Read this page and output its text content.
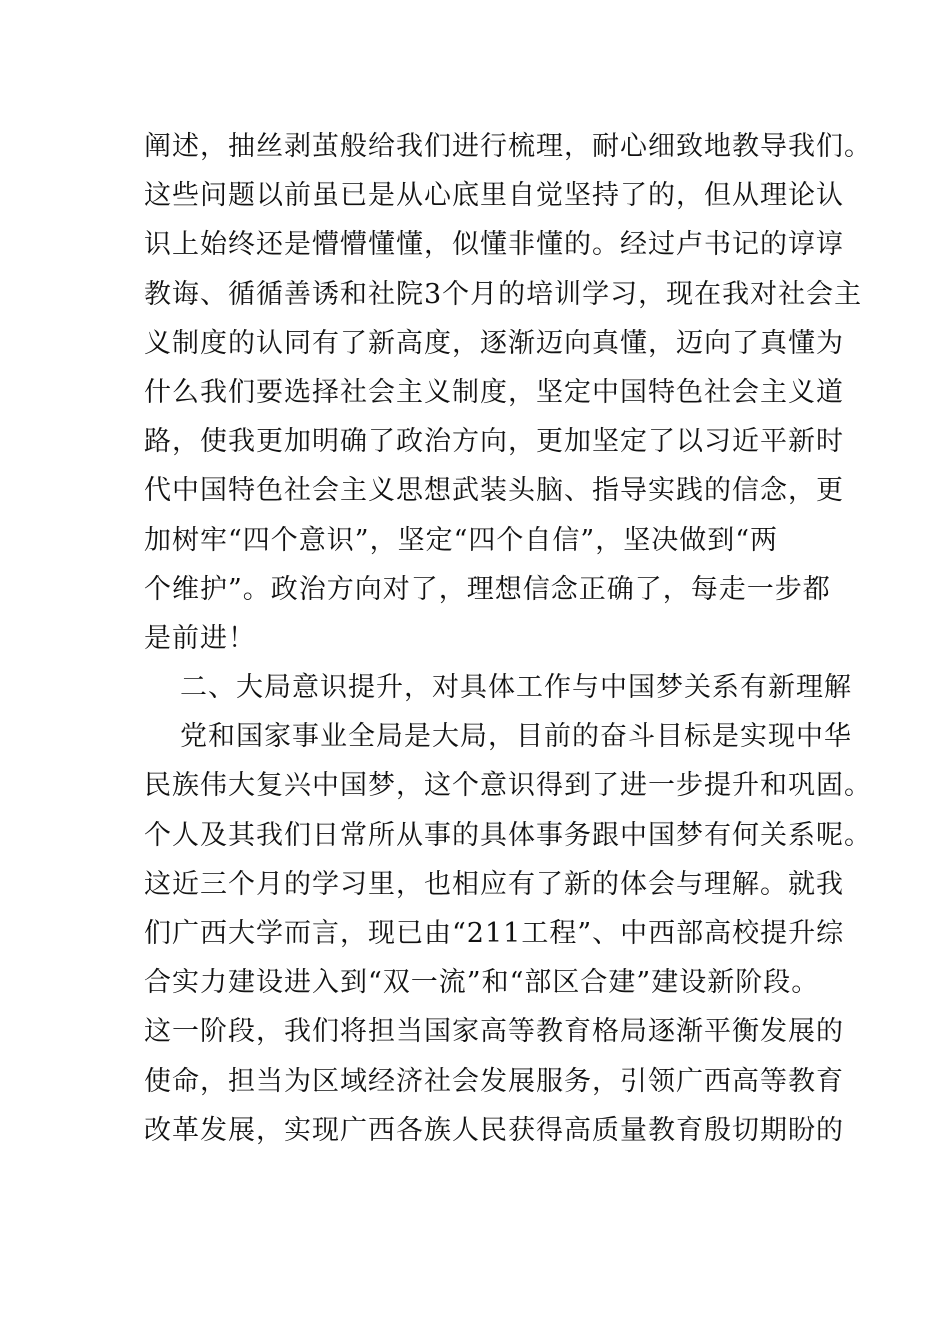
阐述，抽丝剥茧般给我们进行梳理，耐心细致地教导我们。
这些问题以前虽已是从心底里自觉坚持了的，但从理论认
识上始终还是懵懵懂懂，似懂非懂的。经过卢书记的谆谆
教诲、循循善诱和社院3个月的培训学习，现在我对社会主
义制度的认同有了新高度，逐渐迈向真懂，迈向了真懂为
什么我们要选择社会主义制度，坚定中国特色社会主义道
路，使我更加明确了政治方向，更加坚定了以习近平新时
代中国特色社会主义思想武装头脑、指导实践的信念，更
加树牢“四个意识”，坚定“四个自信”，坚决做到“两
个维护”。政治方向对了，理想信念正确了，每走一步都
是前进！
二、大局意识提升，对具体工作与中国梦关系有新理解
党和国家事业全局是大局，目前的奋斗目标是实现中华
民族伟大复兴中国梦，这个意识得到了进一步提升和巩固。
个人及其我们日常所从事的具体事务跟中国梦有何关系呢。
这近三个月的学习里，也相应有了新的体会与理解。就我
们广西大学而言，现已由“211工程”、中西部高校提升综
合实力建设进入到“双一流”和“部区合建”建设新阶段。
这一阶段，我们将担当国家高等教育格局逐渐平衡发展的
使命，担当为区域经济社会发展服务，引领广西高等教育
改革发展，实现广西各族人民获得高质量教育殷切期盼的
